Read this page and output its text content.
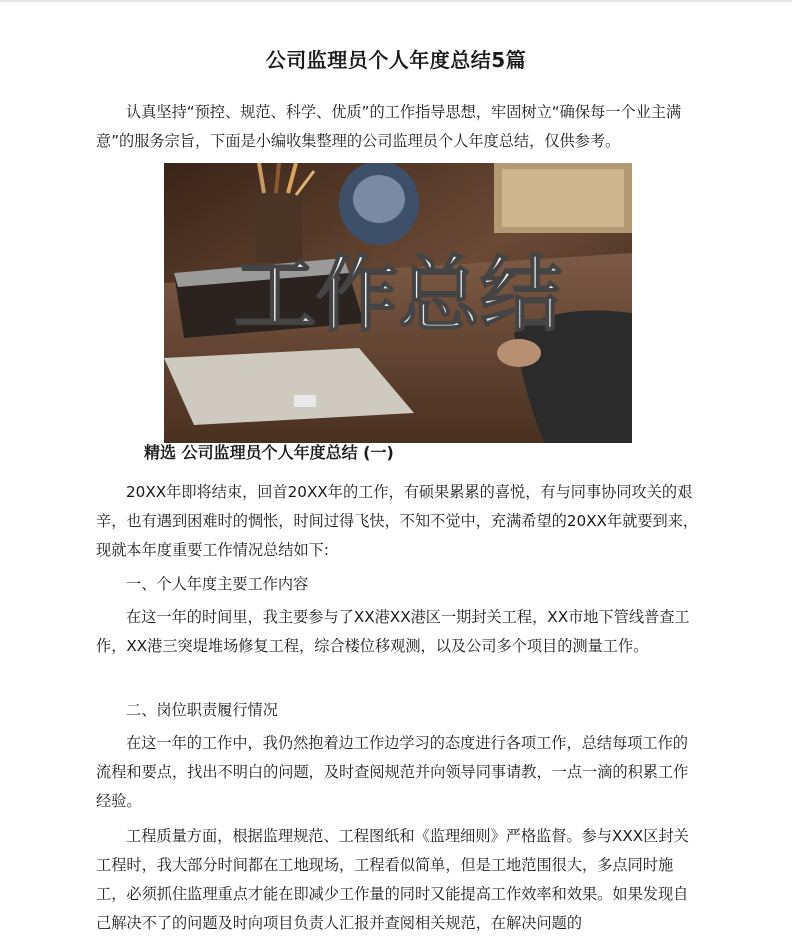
公司监理员个人年度总结5篇

认真坚持“预控、规范、科学、优质”的工作指导思想，牢固树立“确保每一个业主满意”的服务宗旨，下面是小编收集整理的公司监理员个人年度总结，仅供参考。

工作总结
精选 公司监理员个人年度总结 (一)

20XX年即将结束，回首20XX年的工作，有硕果累累的喜悦，有与同事协同攻关的艰辛，也有遇到困难时的惆怅，时间过得飞快，不知不觉中，充满希望的20XX年就要到来，现就本年度重要工作情况总结如下:

一、个人年度主要工作内容

在这一年的时间里，我主要参与了XX港XX港区一期封关工程，XX市地下管线普查工作，XX港三突堤堆场修复工程，综合楼位移观测，以及公司多个项目的测量工作。

二、岗位职责履行情况

在这一年的工作中，我仍然抱着边工作边学习的态度进行各项工作，总结每项工作的流程和要点，找出不明白的问题，及时查阅规范并向领导同事请教，一点一滴的积累工作经验。

工程质量方面，根据监理规范、工程图纸和《监理细则》严格监督。参与XXX区封关工程时，我大部分时间都在工地现场，工程看似简单，但是工地范围很大，多点同时施工，必须抓住监理重点才能在即减少工作量的同时又能提高工作效率和效果。如果发现自己解决不了的问题及时向项目负责人汇报并查阅相关规范，在解决问题的
